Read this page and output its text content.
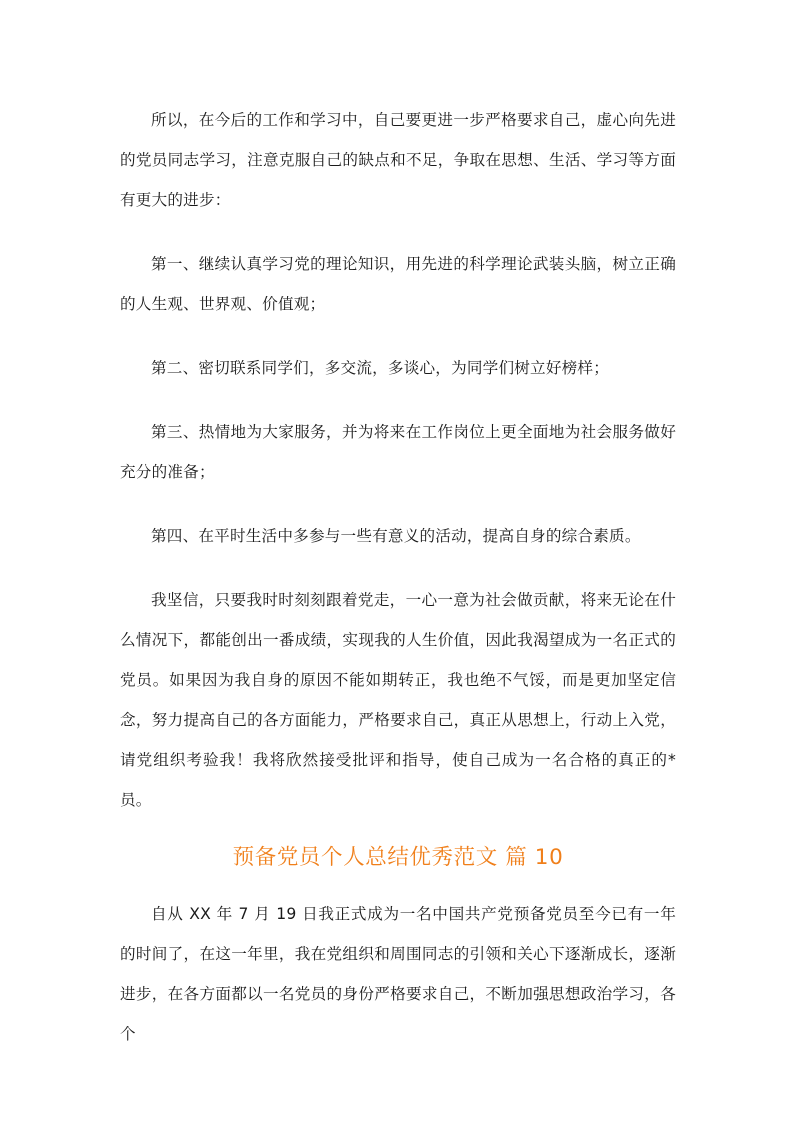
所以，在今后的工作和学习中，自己要更进一步严格要求自己，虚心向先进的党员同志学习，注意克服自己的缺点和不足，争取在思想、生活、学习等方面有更大的进步：

第一、继续认真学习党的理论知识，用先进的科学理论武装头脑，树立正确的人生观、世界观、价值观；

第二、密切联系同学们，多交流，多谈心，为同学们树立好榜样；

第三、热情地为大家服务，并为将来在工作岗位上更全面地为社会服务做好充分的准备；

第四、在平时生活中多参与一些有意义的活动，提高自身的综合素质。

我坚信，只要我时时刻刻跟着党走，一心一意为社会做贡献，将来无论在什么情况下，都能创出一番成绩，实现我的人生价值，因此我渴望成为一名正式的党员。如果因为我自身的原因不能如期转正，我也绝不气馁，而是更加坚定信念，努力提高自己的各方面能力，严格要求自己，真正从思想上，行动上入党，请党组织考验我！我将欣然接受批评和指导，使自己成为一名合格的真正的*员。

预备党员个人总结优秀范文 篇 10

自从 XX 年 7 月 19 日我正式成为一名中国共产党预备党员至今已有一年的时间了，在这一年里，我在党组织和周围同志的引领和关心下逐渐成长，逐渐进步，在各方面都以一名党员的身份严格要求自己，不断加强思想政治学习，各个
